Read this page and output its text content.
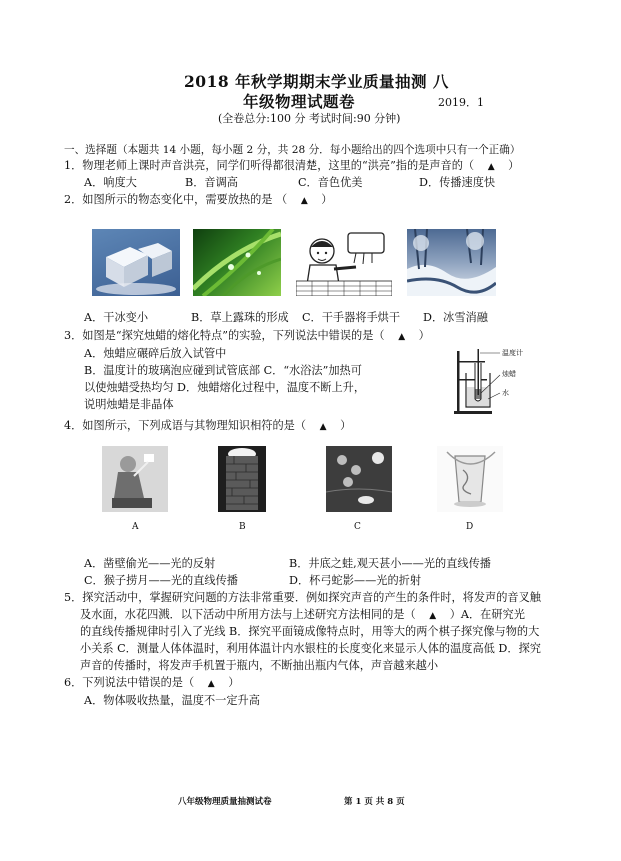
2018 年秋学期期末学业质量抽测 八
年级物理试题卷	2019．1
(全卷总分:100 分 考试时间:90 分钟)
一、选择题（本题共 14 小题，每小题 2 分，共 28 分．每小题给出的四个选项中只有一个正确）
1．物理老师上课时声音洪亮，同学们听得都很清楚，这里的“洪亮”指的是声音的（ ▲ ）
A．响度大	B．音调高	C．音色优美	D．传播速度快
2．如图所示的物态变化中，需要放热的是 （ ▲ ）
A．干冰变小	B．草上露珠的形成 C．干手器将手烘干 D．冰雪消融
3．如图是“探究烛蜡的熔化特点”的实验，下列说法中错误的是（ ▲ ）
A．烛蜡应碾碎后放入试管中
B．温度计的玻璃泡应碰到试管底部 C．“水浴法”加热可
以使烛蜡受热均匀 D．烛蜡熔化过程中，温度不断上升，
说明烛蜡是非晶体
温度计
烛蜡
水
4．如图所示，下列成语与其物理知识相符的是（ ▲ ）
A	B	C	D
A．凿壁偷光——光的反射	B．井底之蛙,观天甚小——光的直线传播
C．猴子捞月——光的直线传播	D．杯弓蛇影——光的折射
5．探究活动中，掌握研究问题的方法非常重要．例如探究声音的产生的条件时，将发声的音叉触
及水面，水花四溅．以下活动中所用方法与上述研究方法相同的是（ ▲ ）A．在研究光
的直线传播规律时引入了光线 B．探究平面镜成像特点时，用等大的两个棋子探究像与物的大
小关系 C．测量人体体温时，利用体温计内水银柱的长度变化来显示人体的温度高低 D．探究
声音的传播时，将发声手机置于瓶内，不断抽出瓶内气体，声音越来越小
6．下列说法中错误的是（ ▲ ）
A．物体吸收热量，温度不一定升高
八年级物理质量抽测试卷	第 1 页 共 8 页
